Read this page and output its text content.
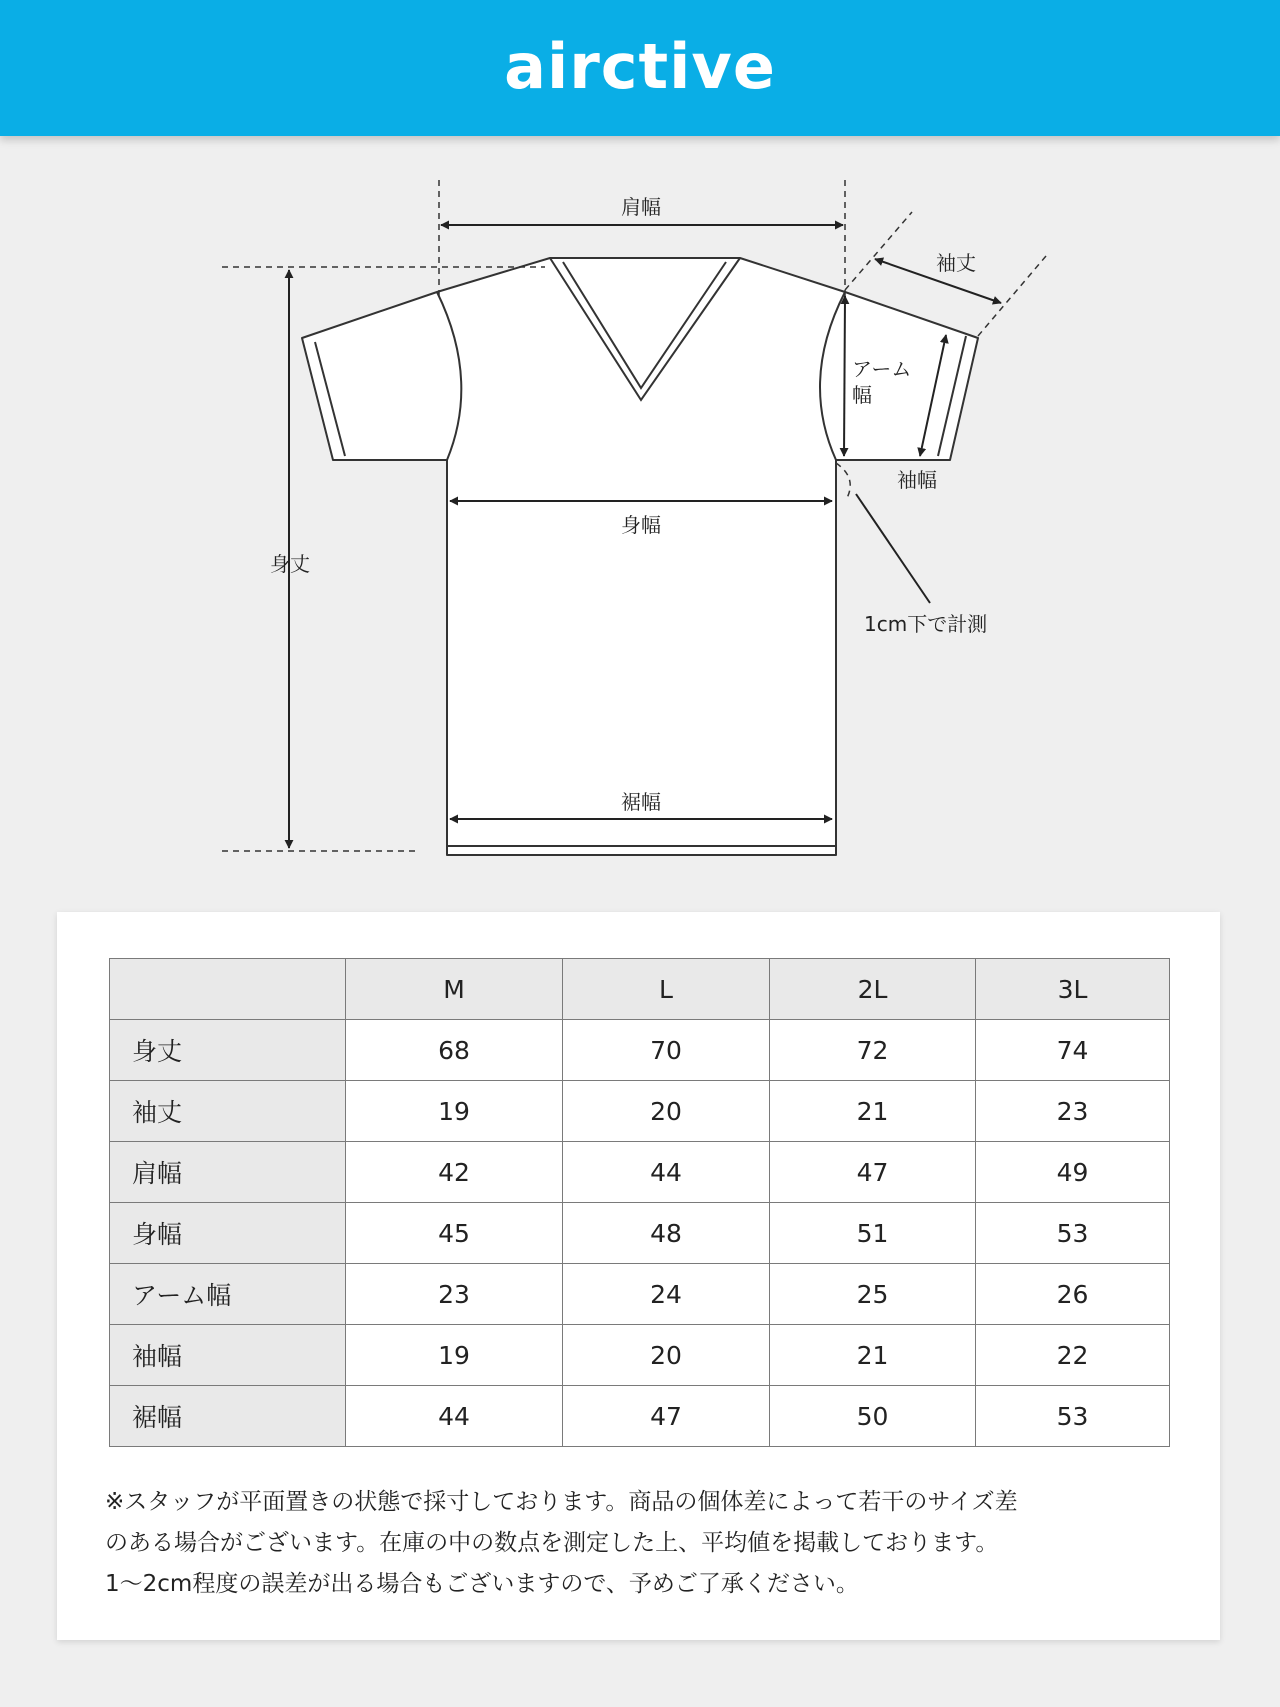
airctive
肩幅
袖丈
アーム
幅
袖幅
身幅
身丈
1cm下で計測
裾幅
	M	L	2L	3L
身丈	68	70	72	74
袖丈	19	20	21	23
肩幅	42	44	47	49
身幅	45	48	51	53
アーム幅	23	24	25	26
袖幅	19	20	21	22
裾幅	44	47	50	53
※スタッフが平面置きの状態で採寸しております。商品の個体差によって若干のサイズ差
のある場合がございます。在庫の中の数点を測定した上、平均値を掲載しております。
1～2cm程度の誤差が出る場合もございますので、予めご了承ください。
